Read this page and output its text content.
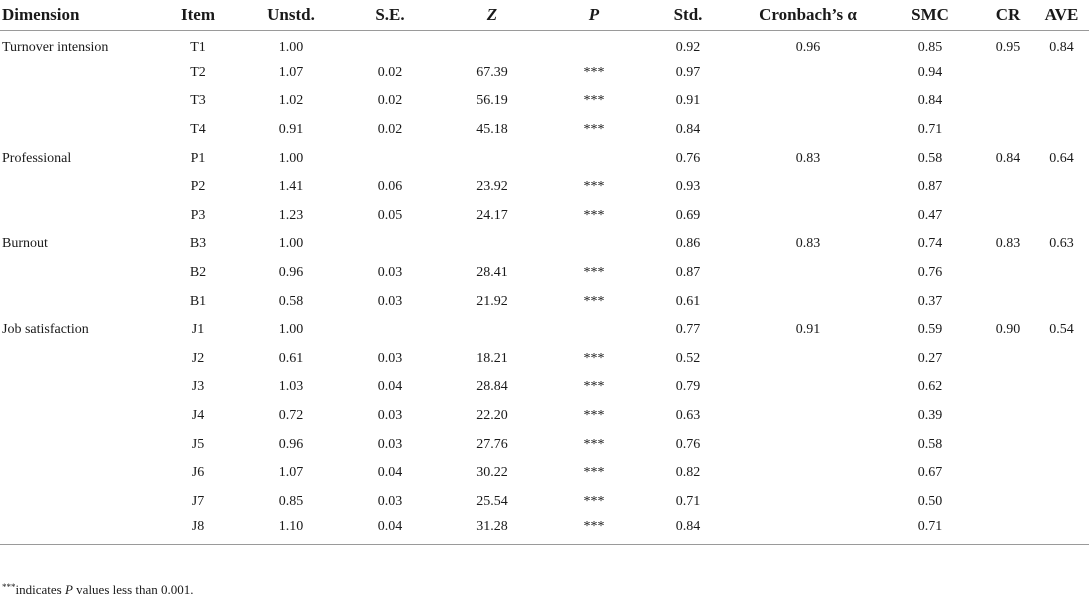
Dimension	Item	Unstd.	S.E.	Z	P	Std.	Cronbach’s α	SMC	CR	AVE
Turnover intension	T1	1.00				0.92	0.96	0.85	0.95	0.84
	T2	1.07	0.02	67.39	***	0.97		0.94		
	T3	1.02	0.02	56.19	***	0.91		0.84		
	T4	0.91	0.02	45.18	***	0.84		0.71		
Professional	P1	1.00				0.76	0.83	0.58	0.84	0.64
	P2	1.41	0.06	23.92	***	0.93		0.87		
	P3	1.23	0.05	24.17	***	0.69		0.47		
Burnout	B3	1.00				0.86	0.83	0.74	0.83	0.63
	B2	0.96	0.03	28.41	***	0.87		0.76		
	B1	0.58	0.03	21.92	***	0.61		0.37		
Job satisfaction	J1	1.00				0.77	0.91	0.59	0.90	0.54
	J2	0.61	0.03	18.21	***	0.52		0.27		
	J3	1.03	0.04	28.84	***	0.79		0.62		
	J4	0.72	0.03	22.20	***	0.63		0.39		
	J5	0.96	0.03	27.76	***	0.76		0.58		
	J6	1.07	0.04	30.22	***	0.82		0.67		
	J7	0.85	0.03	25.54	***	0.71		0.50		
	J8	1.10	0.04	31.28	***	0.84		0.71		
***indicates P values less than 0.001.
